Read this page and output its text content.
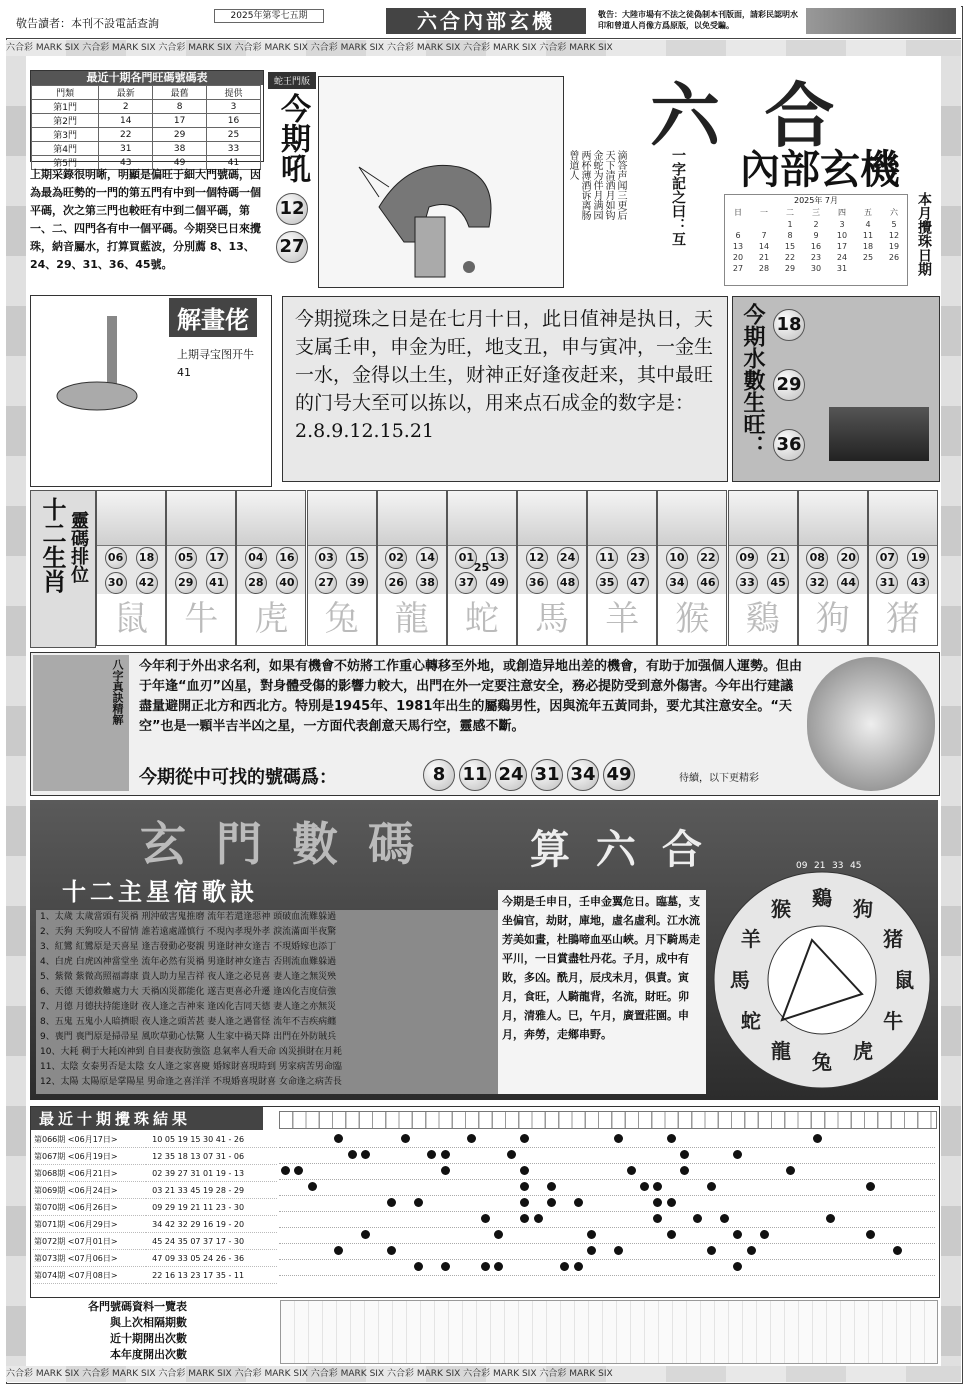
敬告讀者：本刊不設電話查詢
2025年第零七五期	六合內部玄機	敬告：大陸市場有不法之徒偽制本刊版面，請彩民認明水印和曾道人肖像方爲原版，以免受騙。
六合彩 MARK SIX 六合彩 MARK SIX 六合彩 MARK SIX 六合彩 MARK SIX 六合彩 MARK SIX 六合彩 MARK SIX 六合彩 MARK SIX 六合彩 MARK SIX
六合彩 MARK SIX 六合彩 MARK SIX 六合彩 MARK SIX 六合彩 MARK SIX 六合彩 MARK SIX 六合彩 MARK SIX 六合彩 MARK SIX 六合彩 MARK SIX
最近十期各門旺碼號碼表
門類	最新	最舊	提供
第1門	2	8	3
第2門	14	17	16
第3門	22	29	25
第4門	31	38	33
第5門	43	49	41
上期采錄很明晰，明顯是偏旺于細大門號碼，因為最為旺勢的一門的第五門有中到一個特碼一個平碼，次之第三門也較旺有中到二個平碼，第一、二、四門各有中一個平碼。今期癸巳日來攪珠，納音屬水，打算買藍波，分別薦 8、13、24、29、31、36、45號。
蛇王門版
今期吼
12 27
滴答声闻三更后
天下清洒月如钩
金蛇为伴月满园
两杯薄酒诉离肠
曾道人	一字記之曰：互
六 合
內部玄機
2025年 7月
日	一	二	三	四	五	六
		1	2	3	4	5
6	7	8	9	10	11	12
13	14	15	16	17	18	19
20	21	22	23	24	25	26
27	28	29	30	31			本月攪珠日期
解畫佬
上期寻宝图开牛41
今期搅珠之日是在七月十日，此日值神是执日，天支属壬申，申金为旺，地支丑，申与寅冲，一金生一水，金得以土生，财神正好逢夜赶来，其中最旺的门号大至可以拣以，用来点石成金的数字是：2.8.9.12.15.21	今期水數生旺： 18
29
36
十二生肖 靈碼排位	06	18
30	42
鼠
05	17
29	41
牛
04	16
28	40
虎
03	15
27	39
兔
02	14
26	38
龍
01	13
37	49
25
蛇
12	24
36	48
馬
11	23
35	47
羊
10	22
34	46
猴
09	21
33	45
鷄
08	20
32	44
狗
07	19
31	43
猪
八字真訣精解 今年利于外出求名利，如果有機會不妨將工作重心轉移至外地，或創造异地出差的機會，有助于加强個人運勢。但由于年逢“血刃”凶星，對身體受傷的影響力較大，出門在外一定要注意安全，務必提防受到意外傷害。今年出行建議盡量避開正北方和西北方。特別是1945年、1981年出生的屬鷄男性，因與流年五黃同卦，要尤其注意安全。“天空”也是一顆半吉半凶之星，一方面代表創意天馬行空，靈感不斷。
今期從中可找的號碼爲：	8 11 24 31 34 49	待續，以下更精彩
玄門數碼 算 六 合
十二主星宿歌訣
1、太歲 太歲當頭有災禍 刑沖破害鬼推磨 流年若還逢惡神 頭破血流難躲過
2、天狗 天狗咬人不留情 誰若遠處謹慎行 不現內孝現外孝 淚流滿面半夜驚
3、紅鸞 紅鸞原是天喜星 逢吉發動必娶親 男逢財神女逢吉 不現婚嫁也添丁
4、白虎 白虎凶神當堂坐 流年必然有災禍 男逢財神女逢吉 否則流血難躲過
5、紫微 紫微高照福壽康 貴人助力星吉祥 夜人逢之必見喜 妻人逢之無災殃
6、天德 天德救難處力大 天禍凶災都能化 遂吉更喜必升遷 逢凶化吉度信強
7、月德 月德扶持能逢財 夜人逢之吉神來 逢凶化吉同天德 妻人逢之亦無災
8、五鬼 五鬼小人暗擠眼 夜人逢之頭苦甚 妻人逢之遇嘗怪 流年不吉疾病纏
9、喪門 喪門原是掃帚星 風吹草動心怯驚 人生家中禍天降 出門在外防賊兵
10、大耗 稠于大耗凶神到 自目妻夜防強盜 息氣率人看天命 凶災損財在月耗
11、太陰 女泰男否是太陰 女人逢之家喜慶 婚嫁財喜現時到 男家病苦男命臨
12、太陽 太陽原是掌陽星 男命逢之喜洋洋 不現婚喜現財喜 女命逢之病苦長
今期是壬申日，壬申金翼危日。臨墓，支坐偏官，劫財，庫地，虛名虛利。江水流芳美如畫，杜鵑啼血巫山峽。月下騎馬走平川，一日賞盡牡丹花。子月，成中有敗，多凶。酰月，辰戌未月，俱責。寅月，食旺，人騎龍背，名流，財旺。卯月，清雅人。巳，午月，廣置莊園。申月，奔勞，走鄉串野。
猴 鷄 狗
猪
鼠
牛
虎
兔
龍
蛇
馬
羊
09 21 33 45
最近十期攪珠結果
第066期 <06月17日>	10 05 19 15 30 41 - 26
第067期 <06月19日>	12 35 18 13 07 31 - 06
第068期 <06月21日>	02 39 27 31 01 19 - 13
第069期 <06月24日>	03 21 33 45 19 28 - 29
第070期 <06月26日>	09 29 19 21 11 23 - 30
第071期 <06月29日>	34 42 32 29 16 19 - 20
第072期 <07月01日>	45 24 35 07 37 17 - 30
第073期 <07月06日>	47 09 33 05 24 26 - 36
第074期 <07月08日>	22 16 13 23 17 35 - 11
各門號碼資料一覽表
與上次相隔期數
近十期開出次數
本年度開出次數
